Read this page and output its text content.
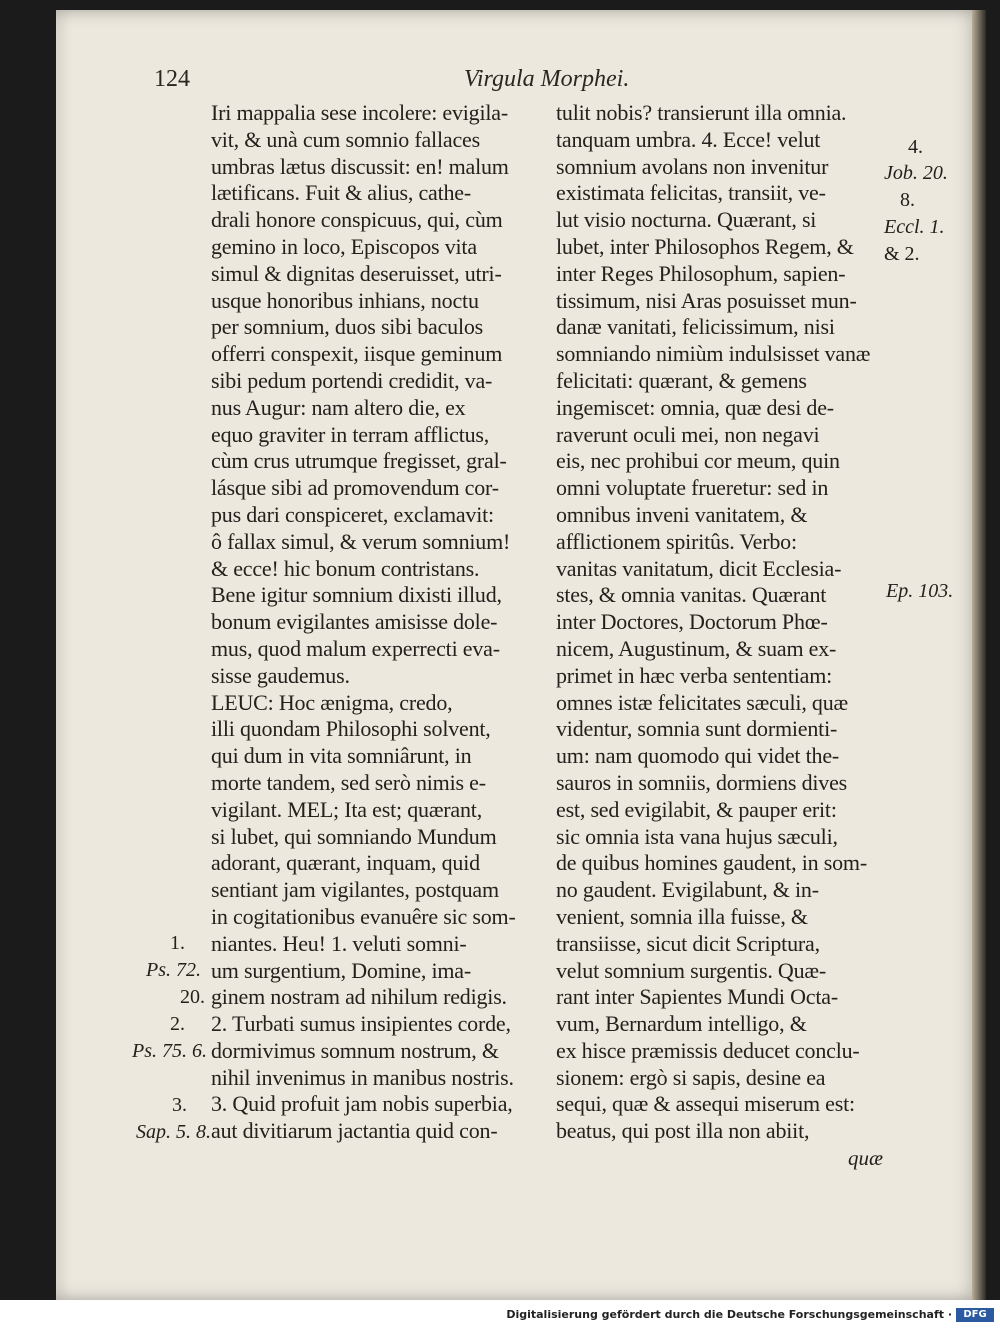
124	Virgula Morphei.
Iri mappalia sese incolere: evigila-
vit, & unà cum somnio fallaces
umbras lætus discussit: en! malum
lætificans. Fuit & alius, cathe-
drali honore conspicuus, qui, cùm
gemino in loco, Episcopos vita
simul & dignitas deseruisset, utri-
usque honoribus inhians, noctu
per somnium, duos sibi baculos
offerri conspexit, iisque geminum
sibi pedum portendi credidit, va-
nus Augur: nam altero die, ex
equo graviter in terram afflictus,
cùm crus utrumque fregisset, gral-
lásque sibi ad promovendum cor-
pus dari conspiceret, exclamavit:
ô fallax simul, & verum somnium!
& ecce! hic bonum contristans.
Bene igitur somnium dixisti illud,
bonum evigilantes amisisse dole-
mus, quod malum experrecti eva-
sisse gaudemus.
LEUC: Hoc ænigma, credo,
illi quondam Philosophi solvent,
qui dum in vita somniârunt, in
morte tandem, sed serò nimis e-
vigilant. MEL; Ita est; quærant,
si lubet, qui somniando Mundum
adorant, quærant, inquam, quid
sentiant jam vigilantes, postquam
in cogitationibus evanuêre sic som-
niantes. Heu! 1. veluti somni-
um surgentium, Domine, ima-
ginem nostram ad nihilum redigis.
2. Turbati sumus insipientes corde,
dormivimus somnum nostrum, &
nihil invenimus in manibus nostris.
3. Quid profuit jam nobis superbia,
aut divitiarum jactantia quid con-
tulit nobis? transierunt illa omnia.
tanquam umbra. 4. Ecce! velut
somnium avolans non invenitur
existimata felicitas, transiit, ve-
lut visio nocturna. Quærant, si
lubet, inter Philosophos Regem, &
inter Reges Philosophum, sapien-
tissimum, nisi Aras posuisset mun-
danæ vanitati, felicissimum, nisi
somniando nimiùm indulsisset vanæ
felicitati: quærant, & gemens
ingemiscet: omnia, quæ desi de-
raverunt oculi mei, non negavi
eis, nec prohibui cor meum, quin
omni voluptate frueretur: sed in
omnibus inveni vanitatem, &
afflictionem spiritûs. Verbo:
vanitas vanitatum, dicit Ecclesia-
stes, & omnia vanitas. Quærant
inter Doctores, Doctorum Phœ-
nicem, Augustinum, & suam ex-
primet in hæc verba sententiam:
omnes istæ felicitates sæculi, quæ
videntur, somnia sunt dormienti-
um: nam quomodo qui videt the-
sauros in somniis, dormiens dives
est, sed evigilabit, & pauper erit:
sic omnia ista vana hujus sæculi,
de quibus homines gaudent, in som-
no gaudent. Evigilabunt, & in-
venient, somnia illa fuisse, &
transiisse, sicut dicit Scriptura,
velut somnium surgentis. Quæ-
rant inter Sapientes Mundi Octa-
vum, Bernardum intelligo, &
ex hisce præmissis deducet conclu-
sionem: ergò si sapis, desine ea
sequi, quæ & assequi miserum est:
beatus, qui post illa non abiit,
1.
Ps. 72.
20.
2.
Ps. 75. 6.
3.
Sap. 5. 8.
4.
Job. 20.
8.
Eccl. 1.
& 2.
Ep. 103.
quæ
Digitalisierung gefördert durch die Deutsche Forschungsgemeinschaft ·	DFG
